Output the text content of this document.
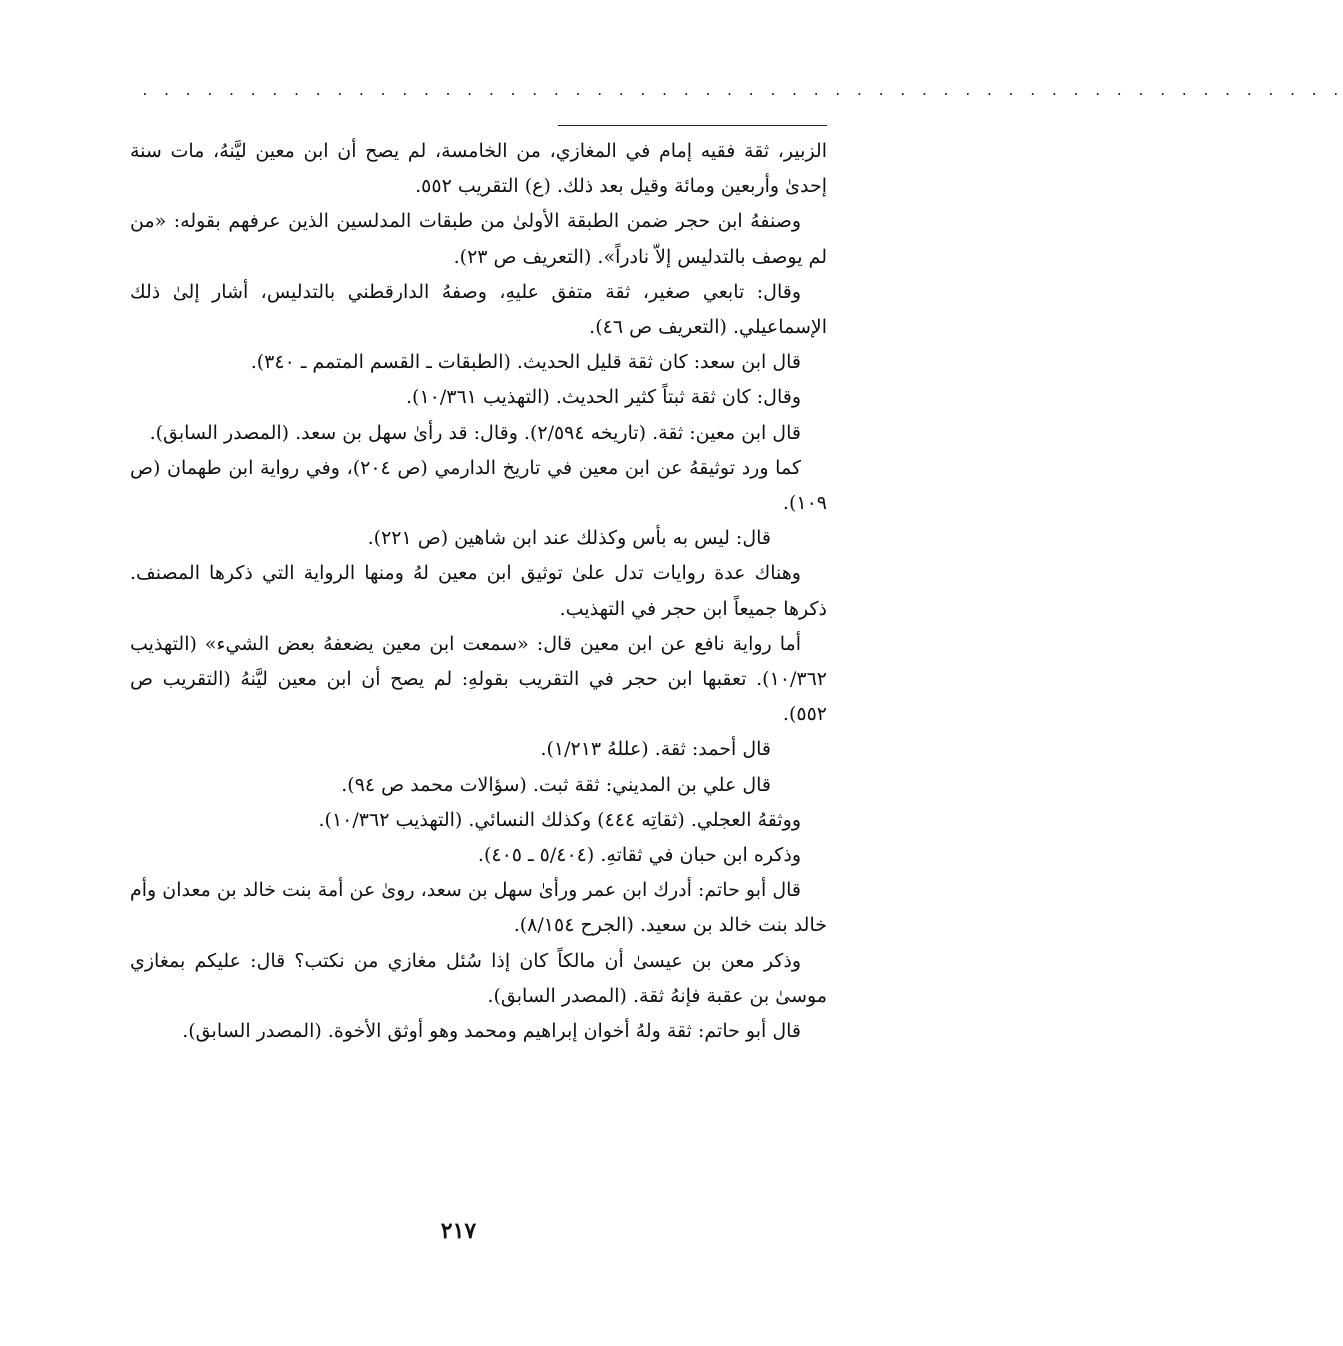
. . . . . . . . . . . . . . . . . . . . . . . . . . . . . . . . . . . . . . . . . . . . . . . . . . . . . . . .

الزبير، ثقة فقيه إمام في المغازي، من الخامسة، لم يصح أن ابن معين ليَّنهُ، مات سنة إحدىٰ وأربعين ومائة وقيل بعد ذلك. (ع) التقريب ٥٥٢.

وصنفهُ ابن حجر ضمن الطبقة الأولىٰ من طبقات المدلسين الذين عرفهم بقوله: «من لم يوصف بالتدليس إلاّ نادراً». (التعريف ص ٢٣).

وقال: تابعي صغير، ثقة متفق عليهِ، وصفهُ الدارقطني بالتدليس، أشار إلىٰ ذلك الإسماعيلي. (التعريف ص ٤٦).

قال ابن سعد: كان ثقة قليل الحديث. (الطبقات ـ القسم المتمم ـ ٣٤٠).

وقال: كان ثقة ثبتاً كثير الحديث. (التهذيب ١٠/٣٦١).

قال ابن معين: ثقة. (تاريخه ٢/٥٩٤). وقال: قد رأىٰ سهل بن سعد. (المصدر السابق).

كما ورد توثيقهُ عن ابن معين في تاريخ الدارمي (ص ٢٠٤)، وفي رواية ابن طهمان (ص ١٠٩).

قال: ليس به بأس وكذلك عند ابن شاهين (ص ٢٢١).

وهناك عدة روايات تدل علىٰ توثيق ابن معين لهُ ومنها الرواية التي ذكرها المصنف. ذكرها جميعاً ابن حجر في التهذيب.

أما رواية نافع عن ابن معين قال: «سمعت ابن معين يضعفهُ بعض الشيء» (التهذيب ١٠/٣٦٢). تعقبها ابن حجر في التقريب بقولهِ: لم يصح أن ابن معين ليَّنهُ (التقريب ص ٥٥٢).

قال أحمد: ثقة. (عللهُ ١/٢١٣).

قال علي بن المديني: ثقة ثبت. (سؤالات محمد ص ٩٤).

ووثقهُ العجلي. (ثقاتِه ٤٤٤) وكذلك النسائي. (التهذيب ١٠/٣٦٢).

وذكره ابن حبان في ثقاتهِ. (٥/٤٠٤ ـ ٤٠٥).

قال أبو حاتم: أدرك ابن عمر ورأىٰ سهل بن سعد، روىٰ عن أمة بنت خالد بن معدان وأم خالد بنت خالد بن سعيد. (الجرح ٨/١٥٤).

وذكر معن بن عيسىٰ أن مالكاً كان إذا سُئل مغازي من نكتب؟ قال: عليكم بمغازي موسىٰ بن عقبة فإنهُ ثقة. (المصدر السابق).

قال أبو حاتم: ثقة ولهُ أخوان إبراهيم ومحمد وهو أوثق الأخوة. (المصدر السابق).

٢١٧
